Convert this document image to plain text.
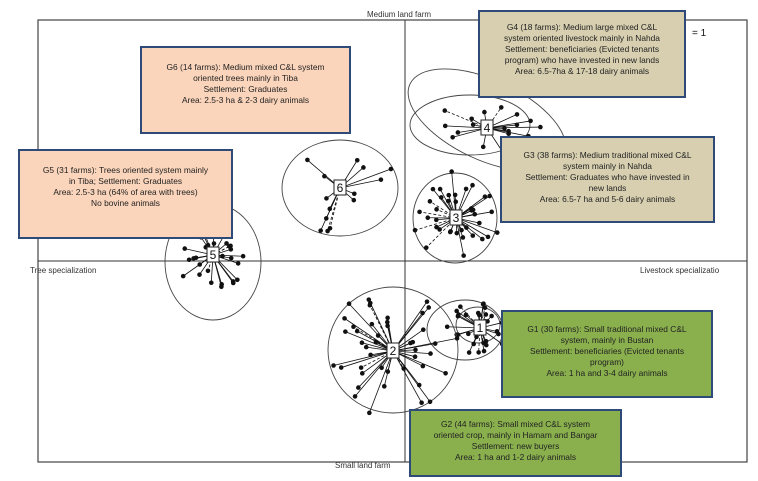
1
2
3
4
5
6
Medium land farm
Small land farm
Tree specialization	Livestock specializatio
= 1
G6 (14 farms): Medium mixed C&L system
oriented trees mainly in Tiba
Settlement: Graduates
Area: 2.5-3 ha & 2-3 dairy animals
G4 (18 farms): Medium large mixed C&L
system oriented livestock mainly in Nahda
Settlement: beneficiaries (Evicted tenants
program) who have invested in new lands
Area: 6.5-7ha & 17-18 dairy animals
G5 (31 farms): Trees oriented system mainly
in Tiba; Settlement: Graduates
Area: 2.5-3 ha (64% of area with trees)
No bovine animals
G3 (38 farms): Medium traditional mixed C&L
system mainly in Nahda
Settlement: Graduates who have invested in
new lands
Area: 6.5-7 ha and 5-6 dairy animals
G1 (30 farms): Small traditional mixed C&L
system, mainly in Bustan
Settlement: beneficiaries (Evicted tenants
program)
Area: 1 ha and 3-4 dairy animals
G2 (44 farms): Small mixed C&L system
oriented crop, mainly in Hamam and Bangar
Settlement: new buyers
Area: 1 ha and 1-2 dairy animals
